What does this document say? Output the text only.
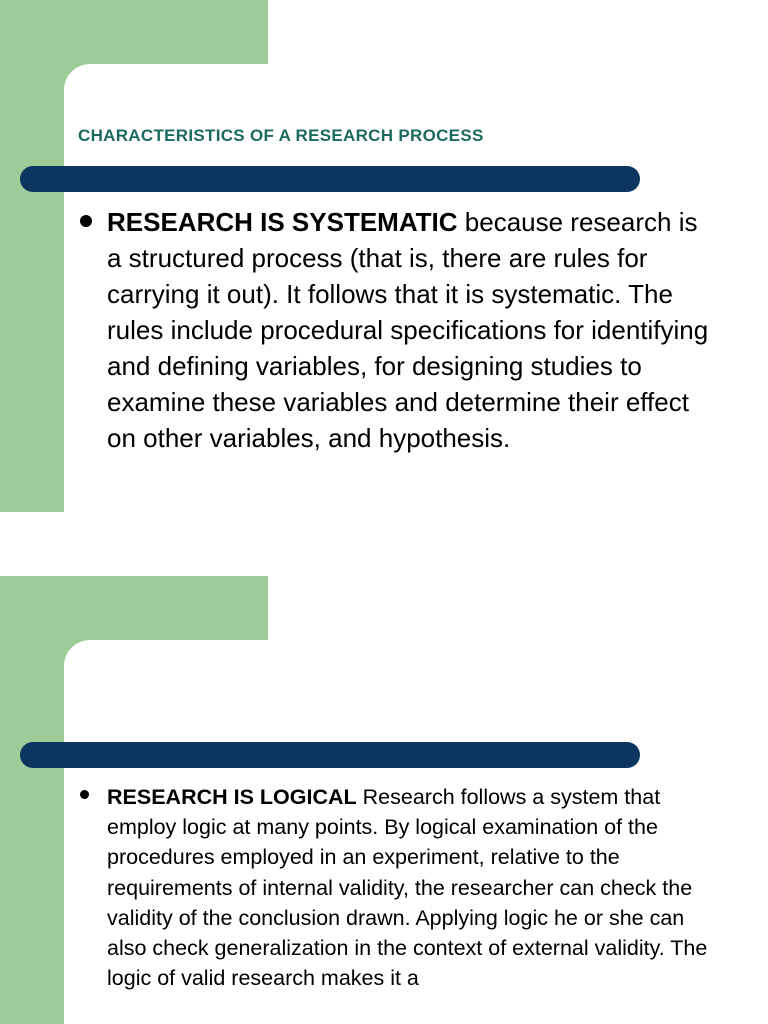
CHARACTERISTICS OF A RESEARCH PROCESS

RESEARCH IS SYSTEMATIC because research is a structured process (that is, there are rules for carrying it out). It follows that it is systematic. The rules include procedural specifications for identifying and defining variables, for designing studies to examine these variables and determine their effect on other variables, and hypothesis.

RESEARCH IS LOGICAL Research follows a system that employ logic at many points. By logical examination of the procedures employed in an experiment, relative to the requirements of internal validity, the researcher can check the validity of the conclusion drawn. Applying logic he or she can also check generalization in the context of external validity. The logic of valid research makes it a
